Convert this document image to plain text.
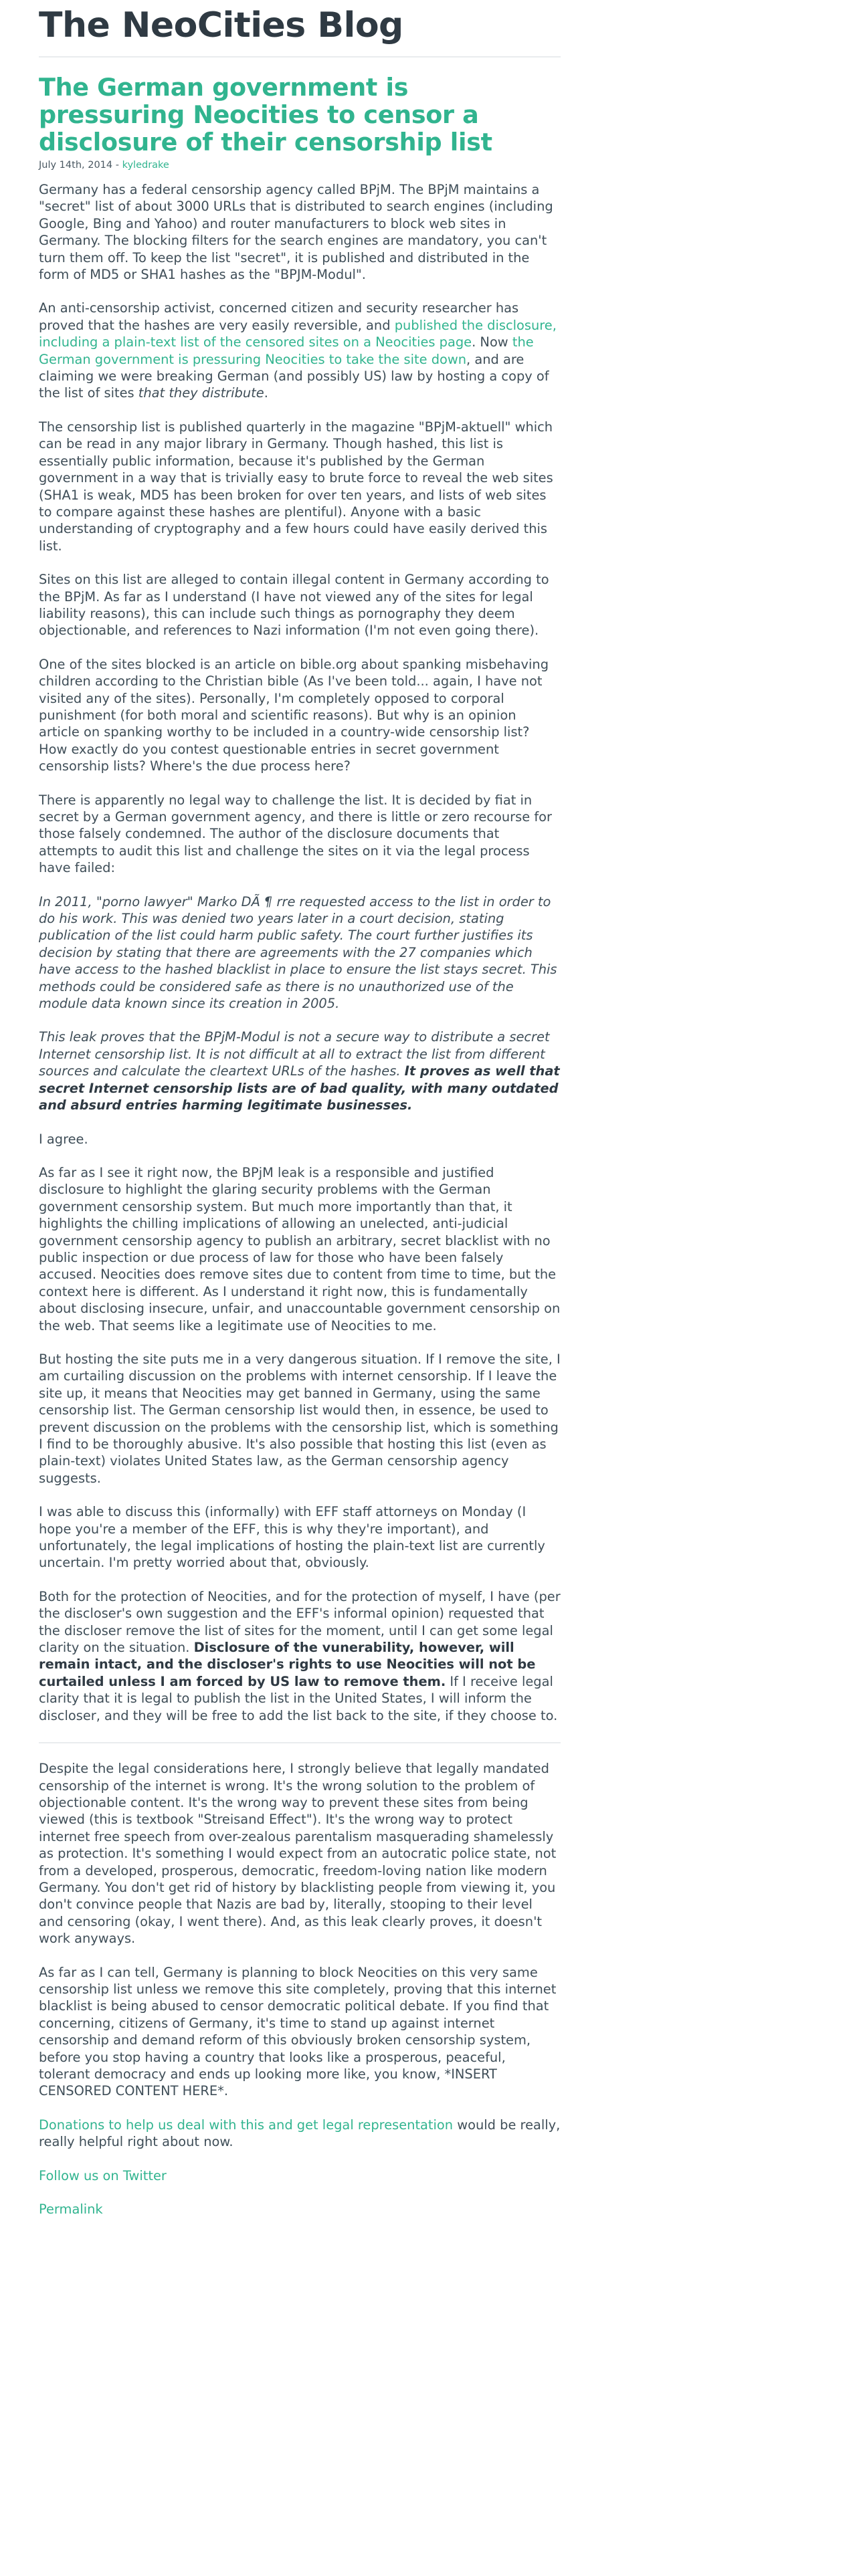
The NeoCities Blog
The German government is pressuring Neocities to censor a disclosure of their censorship list
July 14th, 2014 - kyledrake

Germany has a federal censorship agency called BPjM. The BPjM maintains a "secret" list of about 3000 URLs that is distributed to search engines (including Google, Bing and Yahoo) and router manufacturers to block web sites in Germany. The blocking filters for the search engines are mandatory, you can't turn them off. To keep the list "secret", it is published and distributed in the form of MD5 or SHA1 hashes as the "BPJM-Modul".

An anti-censorship activist, concerned citizen and security researcher has proved that the hashes are very easily reversible, and published the disclosure, including a plain-text list of the censored sites on a Neocities page. Now the German government is pressuring Neocities to take the site down, and are claiming we were breaking German (and possibly US) law by hosting a copy of the list of sites that they distribute.

The censorship list is published quarterly in the magazine "BPjM-aktuell" which can be read in any major library in Germany. Though hashed, this list is essentially public information, because it's published by the German government in a way that is trivially easy to brute force to reveal the web sites (SHA1 is weak, MD5 has been broken for over ten years, and lists of web sites to compare against these hashes are plentiful). Anyone with a basic understanding of cryptography and a few hours could have easily derived this list.

Sites on this list are alleged to contain illegal content in Germany according to the BPjM. As far as I understand (I have not viewed any of the sites for legal liability reasons), this can include such things as pornography they deem objectionable, and references to Nazi information (I'm not even going there).

One of the sites blocked is an article on bible.org about spanking misbehaving children according to the Christian bible (As I've been told... again, I have not visited any of the sites). Personally, I'm completely opposed to corporal punishment (for both moral and scientific reasons). But why is an opinion article on spanking worthy to be included in a country-wide censorship list? How exactly do you contest questionable entries in secret government censorship lists? Where's the due process here?

There is apparently no legal way to challenge the list. It is decided by fiat in secret by a German government agency, and there is little or zero recourse for those falsely condemned. The author of the disclosure documents that attempts to audit this list and challenge the sites on it via the legal process have failed:

In 2011, "porno lawyer" Marko DÃ ¶ rre requested access to the list in order to do his work. This was denied two years later in a court decision, stating publication of the list could harm public safety. The court further justifies its decision by stating that there are agreements with the 27 companies which have access to the hashed blacklist in place to ensure the list stays secret. This methods could be considered safe as there is no unauthorized use of the module data known since its creation in 2005.

This leak proves that the BPjM-Modul is not a secure way to distribute a secret Internet censorship list. It is not difficult at all to extract the list from different sources and calculate the cleartext URLs of the hashes. It proves as well that secret Internet censorship lists are of bad quality, with many outdated and absurd entries harming legitimate businesses.

I agree.

As far as I see it right now, the BPjM leak is a responsible and justified disclosure to highlight the glaring security problems with the German government censorship system. But much more importantly than that, it highlights the chilling implications of allowing an unelected, anti-judicial government censorship agency to publish an arbitrary, secret blacklist with no public inspection or due process of law for those who have been falsely accused. Neocities does remove sites due to content from time to time, but the context here is different. As I understand it right now, this is fundamentally about disclosing insecure, unfair, and unaccountable government censorship on the web. That seems like a legitimate use of Neocities to me.

But hosting the site puts me in a very dangerous situation. If I remove the site, I am curtailing discussion on the problems with internet censorship. If I leave the site up, it means that Neocities may get banned in Germany, using the same censorship list. The German censorship list would then, in essence, be used to prevent discussion on the problems with the censorship list, which is something I find to be thoroughly abusive. It's also possible that hosting this list (even as plain-text) violates United States law, as the German censorship agency suggests.

I was able to discuss this (informally) with EFF staff attorneys on Monday (I hope you're a member of the EFF, this is why they're important), and unfortunately, the legal implications of hosting the plain-text list are currently uncertain. I'm pretty worried about that, obviously.

Both for the protection of Neocities, and for the protection of myself, I have (per the discloser's own suggestion and the EFF's informal opinion) requested that the discloser remove the list of sites for the moment, until I can get some legal clarity on the situation. Disclosure of the vunerability, however, will remain intact, and the discloser's rights to use Neocities will not be curtailed unless I am forced by US law to remove them. If I receive legal clarity that it is legal to publish the list in the United States, I will inform the discloser, and they will be free to add the list back to the site, if they choose to.

Despite the legal considerations here, I strongly believe that legally mandated censorship of the internet is wrong. It's the wrong solution to the problem of objectionable content. It's the wrong way to prevent these sites from being viewed (this is textbook "Streisand Effect"). It's the wrong way to protect internet free speech from over-zealous parentalism masquerading shamelessly as protection. It's something I would expect from an autocratic police state, not from a developed, prosperous, democratic, freedom-loving nation like modern Germany. You don't get rid of history by blacklisting people from viewing it, you don't convince people that Nazis are bad by, literally, stooping to their level and censoring (okay, I went there). And, as this leak clearly proves, it doesn't work anyways.

As far as I can tell, Germany is planning to block Neocities on this very same censorship list unless we remove this site completely, proving that this internet blacklist is being abused to censor democratic political debate. If you find that concerning, citizens of Germany, it's time to stand up against internet censorship and demand reform of this obviously broken censorship system, before you stop having a country that looks like a prosperous, peaceful, tolerant democracy and ends up looking more like, you know, *INSERT CENSORED CONTENT HERE*.

Donations to help us deal with this and get legal representation would be really, really helpful right about now.

Follow us on Twitter

Permalink
